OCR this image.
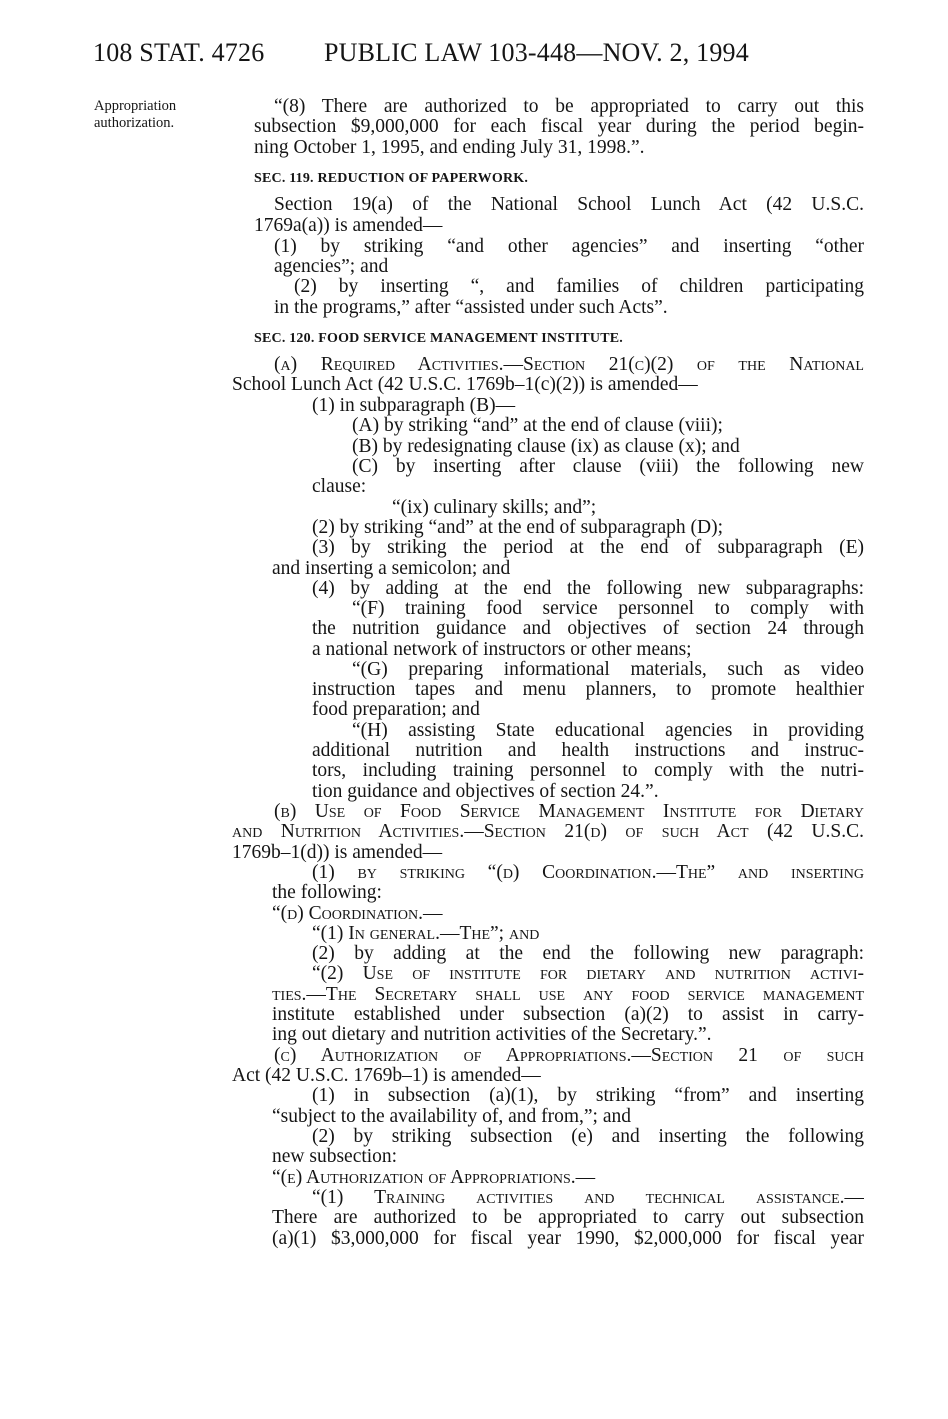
108 STAT. 4726 PUBLIC LAW 103-448—NOV. 2, 1994
Appropriation
authorization.
“(8) There are authorized to be appropriated to carry out this
subsection $9,000,000 for each fiscal year during the period begin-
ning October 1, 1995, and ending July 31, 1998.”.
SEC. 119. REDUCTION OF PAPERWORK.
Section 19(a) of the National School Lunch Act (42 U.S.C.
1769a(a)) is amended—
(1) by striking “and other agencies” and inserting “other
agencies”; and
(2) by inserting “, and families of children participating
in the programs,” after “assisted under such Acts”.
SEC. 120. FOOD SERVICE MANAGEMENT INSTITUTE.
(a) Required Activities.—Section 21(c)(2) of the National
School Lunch Act (42 U.S.C. 1769b–1(c)(2)) is amended—
(1) in subparagraph (B)—
(A) by striking “and” at the end of clause (viii);
(B) by redesignating clause (ix) as clause (x); and
(C) by inserting after clause (viii) the following new
clause:
“(ix) culinary skills; and”;
(2) by striking “and” at the end of subparagraph (D);
(3) by striking the period at the end of subparagraph (E)
and inserting a semicolon; and
(4) by adding at the end the following new subparagraphs:
“(F) training food service personnel to comply with
the nutrition guidance and objectives of section 24 through
a national network of instructors or other means;
“(G) preparing informational materials, such as video
instruction tapes and menu planners, to promote healthier
food preparation; and
“(H) assisting State educational agencies in providing
additional nutrition and health instructions and instruc-
tors, including training personnel to comply with the nutri-
tion guidance and objectives of section 24.”.
(b) Use of Food Service Management Institute for Dietary
and Nutrition Activities.—Section 21(d) of such Act (42 U.S.C.
1769b–1(d)) is amended—
(1) by striking “(d) Coordination.—The” and inserting
the following:
“(d) Coordination.—
“(1) In general.—The”; and
(2) by adding at the end the following new paragraph:
“(2) Use of institute for dietary and nutrition activi-
ties.—The Secretary shall use any food service management
institute established under subsection (a)(2) to assist in carry-
ing out dietary and nutrition activities of the Secretary.”.
(c) Authorization of Appropriations.—Section 21 of such
Act (42 U.S.C. 1769b–1) is amended—
(1) in subsection (a)(1), by striking “from” and inserting
“subject to the availability of, and from,”; and
(2) by striking subsection (e) and inserting the following
new subsection:
“(e) Authorization of Appropriations.—
“(1) Training activities and technical assistance.—
There are authorized to be appropriated to carry out subsection
(a)(1) $3,000,000 for fiscal year 1990, $2,000,000 for fiscal year
